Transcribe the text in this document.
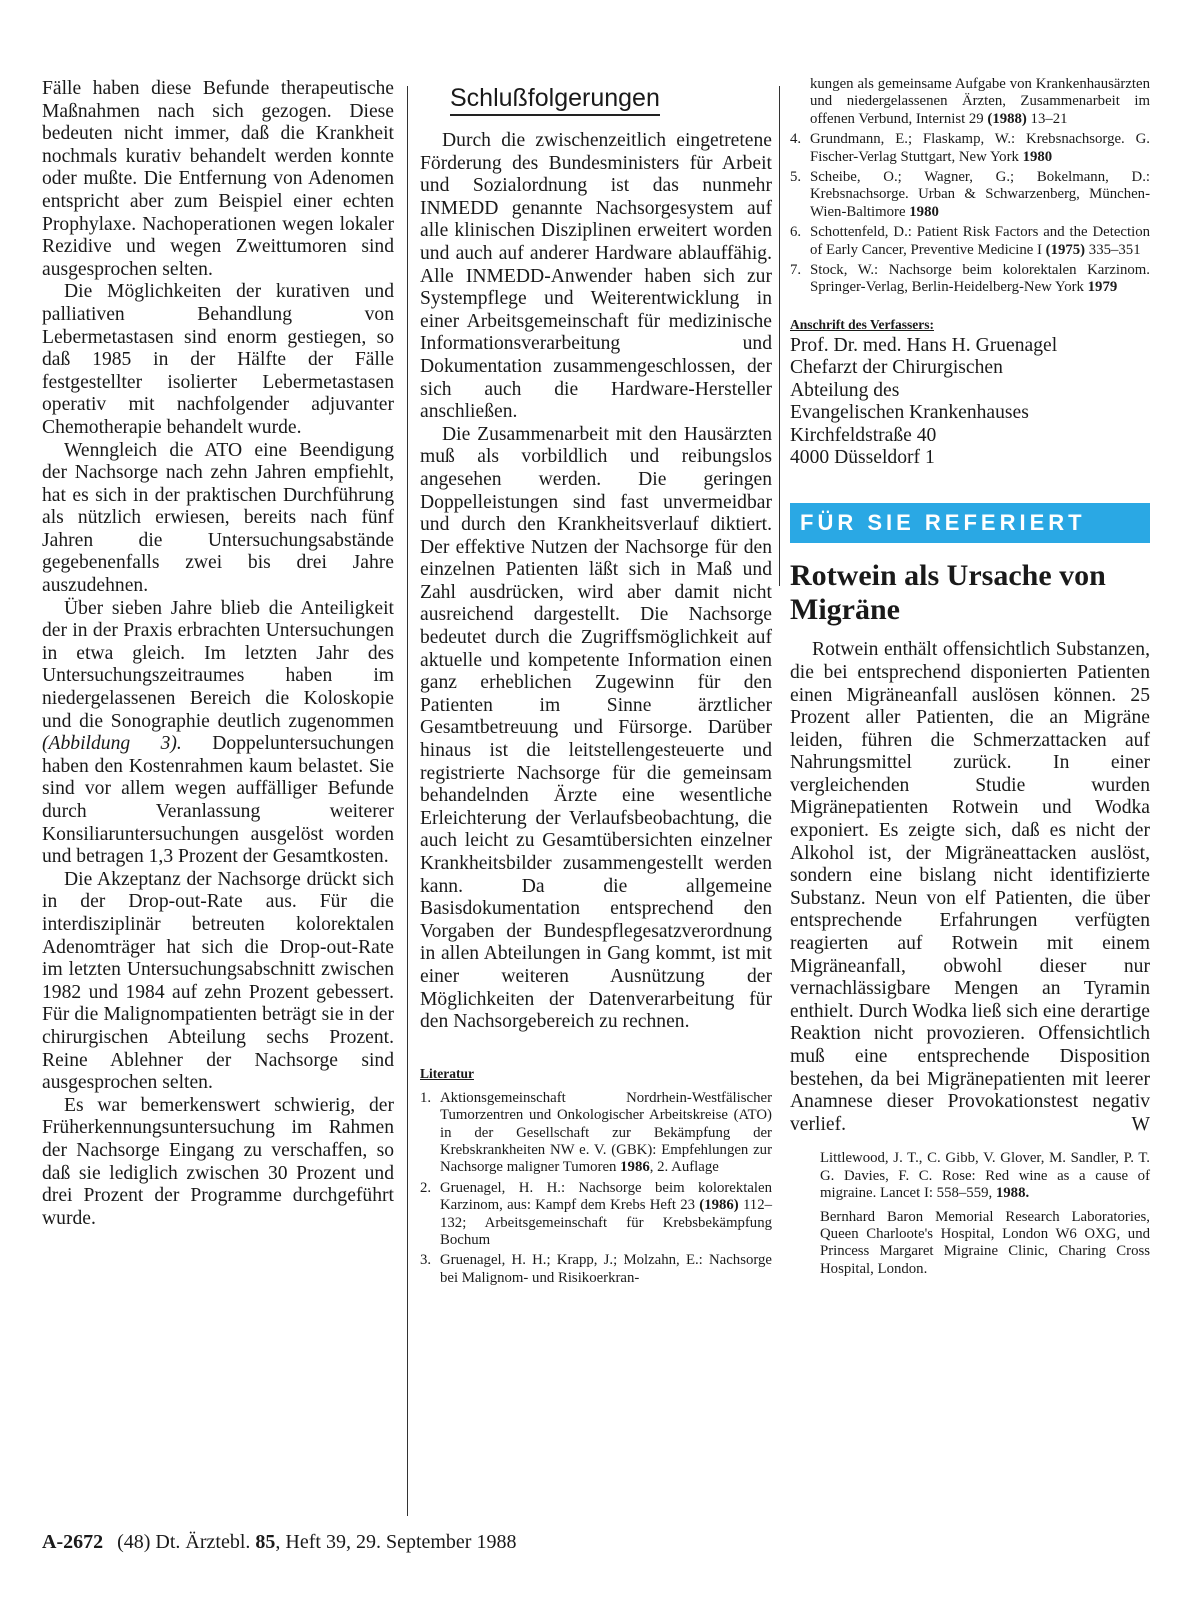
Fälle haben diese Befunde therapeutische Maßnahmen nach sich gezogen. Diese bedeuten nicht immer, daß die Krankheit nochmals kurativ behandelt werden konnte oder mußte. Die Entfernung von Adenomen entspricht aber zum Beispiel einer echten Prophylaxe. Nachoperationen wegen lokaler Rezidive und wegen Zweittumoren sind ausgesprochen selten.

Die Möglichkeiten der kurativen und palliativen Behandlung von Lebermetastasen sind enorm gestiegen, so daß 1985 in der Hälfte der Fälle festgestellter isolierter Lebermetastasen operativ mit nachfolgender adjuvanter Chemotherapie behandelt wurde.

Wenngleich die ATO eine Beendigung der Nachsorge nach zehn Jahren empfiehlt, hat es sich in der praktischen Durchführung als nützlich erwiesen, bereits nach fünf Jahren die Untersuchungsabstände gegebenenfalls zwei bis drei Jahre auszudehnen.

Über sieben Jahre blieb die Anteiligkeit der in der Praxis erbrachten Untersuchungen in etwa gleich. Im letzten Jahr des Untersuchungszeitraumes haben im niedergelassenen Bereich die Koloskopie und die Sonographie deutlich zugenommen (Abbildung 3). Doppeluntersuchungen haben den Kostenrahmen kaum belastet. Sie sind vor allem wegen auffälliger Befunde durch Veranlassung weiterer Konsiliaruntersuchungen ausgelöst worden und betragen 1,3 Prozent der Gesamtkosten.

Die Akzeptanz der Nachsorge drückt sich in der Drop-out-Rate aus. Für die interdisziplinär betreuten kolorektalen Adenomträger hat sich die Drop-out-Rate im letzten Untersuchungsabschnitt zwischen 1982 und 1984 auf zehn Prozent gebessert. Für die Malignompatienten beträgt sie in der chirurgischen Abteilung sechs Prozent. Reine Ablehner der Nachsorge sind ausgesprochen selten.

Es war bemerkenswert schwierig, der Früherkennungsuntersuchung im Rahmen der Nachsorge Eingang zu verschaffen, so daß sie lediglich zwischen 30 Prozent und drei Prozent der Programme durchgeführt wurde.

Schlußfolgerungen

Durch die zwischenzeitlich eingetretene Förderung des Bundesministers für Arbeit und Sozialordnung ist das nunmehr INMEDD genannte Nachsorgesystem auf alle klinischen Disziplinen erweitert worden und auch auf anderer Hardware ablauffähig. Alle INMEDD-Anwender haben sich zur Systempflege und Weiterentwicklung in einer Arbeitsgemeinschaft für medizinische Informationsverarbeitung und Dokumentation zusammengeschlossen, der sich auch die Hardware-Hersteller anschließen.

Die Zusammenarbeit mit den Hausärzten muß als vorbildlich und reibungslos angesehen werden. Die geringen Doppelleistungen sind fast unvermeidbar und durch den Krankheitsverlauf diktiert. Der effektive Nutzen der Nachsorge für den einzelnen Patienten läßt sich in Maß und Zahl ausdrücken, wird aber damit nicht ausreichend dargestellt. Die Nachsorge bedeutet durch die Zugriffsmöglichkeit auf aktuelle und kompetente Information einen ganz erheblichen Zugewinn für den Patienten im Sinne ärztlicher Gesamtbetreuung und Fürsorge. Darüber hinaus ist die leitstellengesteuerte und registrierte Nachsorge für die gemeinsam behandelnden Ärzte eine wesentliche Erleichterung der Verlaufsbeobachtung, die auch leicht zu Gesamtübersichten einzelner Krankheitsbilder zusammengestellt werden kann. Da die allgemeine Basisdokumentation entsprechend den Vorgaben der Bundespflegesatzverordnung in allen Abteilungen in Gang kommt, ist mit einer weiteren Ausnützung der Möglichkeiten der Datenverarbeitung für den Nachsorgebereich zu rechnen.

Literatur
1. Aktionsgemeinschaft Nordrhein-Westfälischer Tumorzentren und Onkologischer Arbeitskreise (ATO) in der Gesellschaft zur Bekämpfung der Krebskrankheiten NW e. V. (GBK): Empfehlungen zur Nachsorge maligner Tumoren 1986, 2. Auflage
2. Gruenagel, H. H.: Nachsorge beim kolorektalen Karzinom, aus: Kampf dem Krebs Heft 23 (1986) 112–132; Arbeitsgemeinschaft für Krebsbekämpfung Bochum
3. Gruenagel, H. H.; Krapp, J.; Molzahn, E.: Nachsorge bei Malignom- und Risikoerkran-

kungen als gemeinsame Aufgabe von Krankenhausärzten und niedergelassenen Ärzten, Zusammenarbeit im offenen Verbund, Internist 29 (1988) 13–21

4. Grundmann, E.; Flaskamp, W.: Krebsnachsorge. G. Fischer-Verlag Stuttgart, New York 1980
5. Scheibe, O.; Wagner, G.; Bokelmann, D.: Krebsnachsorge. Urban & Schwarzenberg, München-Wien-Baltimore 1980
6. Schottenfeld, D.: Patient Risk Factors and the Detection of Early Cancer, Preventive Medicine I (1975) 335–351
7. Stock, W.: Nachsorge beim kolorektalen Karzinom. Springer-Verlag, Berlin-Heidelberg-New York 1979
Anschrift des Verfassers:
Prof. Dr. med. Hans H. Gruenagel
Chefarzt der Chirurgischen
Abteilung des
Evangelischen Krankenhauses
Kirchfeldstraße 40
4000 Düsseldorf 1
FÜR SIE REFERIERT
Rotwein als Ursache von Migräne

Rotwein enthält offensichtlich Substanzen, die bei entsprechend disponierten Patienten einen Migräneanfall auslösen können. 25 Prozent aller Patienten, die an Migräne leiden, führen die Schmerzattacken auf Nahrungsmittel zurück. In einer vergleichenden Studie wurden Migränepatienten Rotwein und Wodka exponiert. Es zeigte sich, daß es nicht der Alkohol ist, der Migräneattacken auslöst, sondern eine bislang nicht identifizierte Substanz. Neun von elf Patienten, die über entsprechende Erfahrungen verfügten reagierten auf Rotwein mit einem Migräneanfall, obwohl dieser nur vernachlässigbare Mengen an Tyramin enthielt. Durch Wodka ließ sich eine derartige Reaktion nicht provozieren. Offensichtlich muß eine entsprechende Disposition bestehen, da bei Migränepatienten mit leerer Anamnese dieser Provokationstest negativ verlief.	W

Littlewood, J. T., C. Gibb, V. Glover, M. Sandler, P. T. G. Davies, F. C. Rose: Red wine as a cause of migraine. Lancet I: 558–559, 1988.

Bernhard Baron Memorial Research Laboratories, Queen Charloote's Hospital, London W6 OXG, und Princess Margaret Migraine Clinic, Charing Cross Hospital, London.

A-2672 (48) Dt. Ärztebl. 85, Heft 39, 29. September 1988
